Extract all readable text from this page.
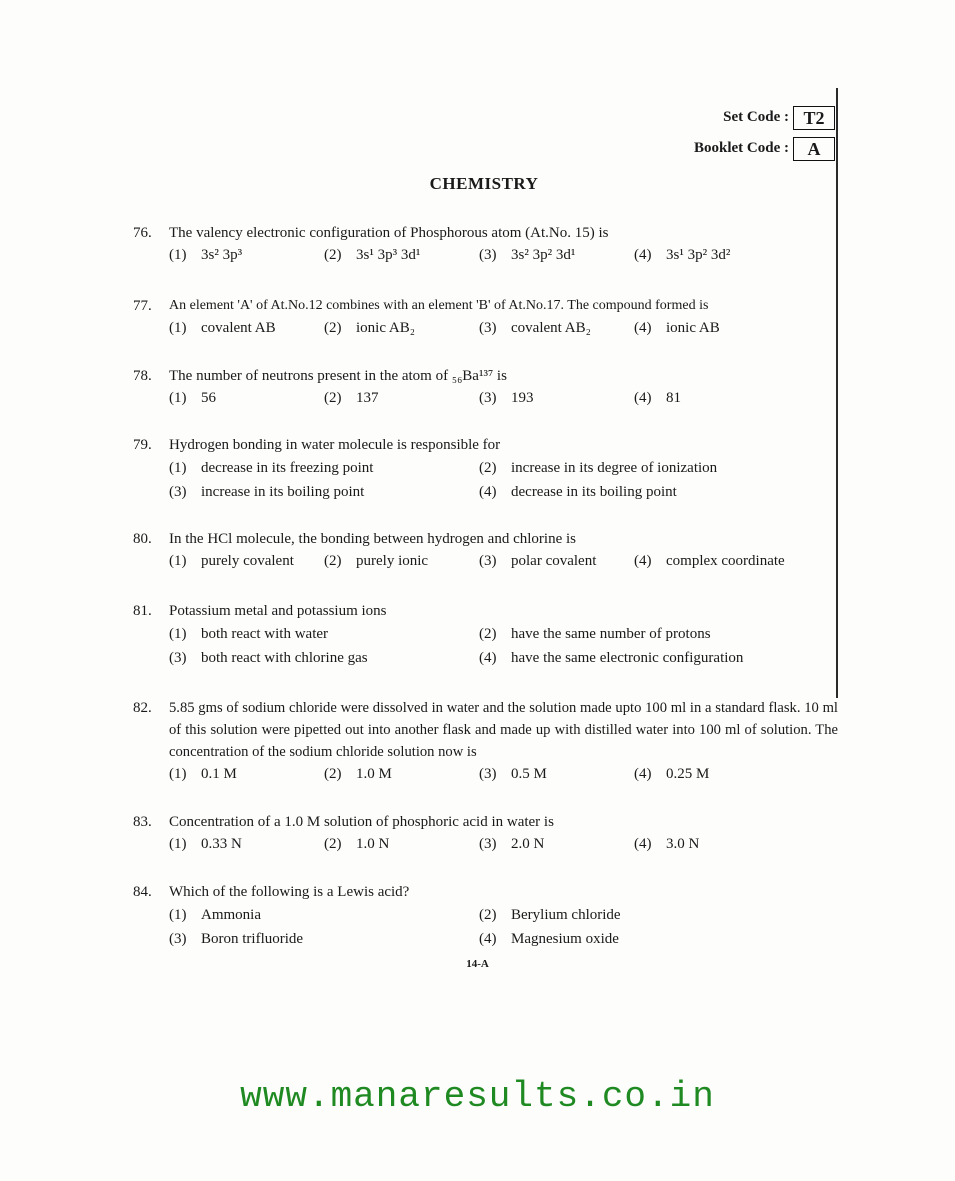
Set Code : T2
Booklet Code :	A
CHEMISTRY
76. The valency electronic configuration of Phosphorous atom (At.No. 15) is
(1) 3s² 3p³	(2) 3s¹ 3p³ 3d¹	(3) 3s² 3p² 3d¹	(4) 3s¹ 3p² 3d²
77. An element 'A' of At.No.12 combines with an element 'B' of At.No.17. The compound formed is
(1) covalent AB	(2) ionic AB₂	(3) covalent AB₂	(4) ionic AB
78. The number of neutrons present in the atom of ₅₆Ba¹³⁷ is
(1) 56	(2) 137	(3) 193	(4) 81
79. Hydrogen bonding in water molecule is responsible for
(1) decrease in its freezing point	(2) increase in its degree of ionization
(3) increase in its boiling point	(4) decrease in its boiling point
80. In the HCl molecule, the bonding between hydrogen and chlorine is
(1) purely covalent (2) purely ionic	(3) polar covalent	(4) complex coordinate
81. Potassium metal and potassium ions
(1) both react with water	(2) have the same number of protons
(3) both react with chlorine gas	(4) have the same electronic configuration
82. 5.85 gms of sodium chloride were dissolved in water and the solution made upto 100 ml in a standard flask. 10 ml of this solution were pipetted out into another flask and made up with distilled water into 100 ml of solution. The concentration of the sodium chloride solution now is
(1) 0.1 M	(2) 1.0 M	(3) 0.5 M	(4) 0.25 M
83. Concentration of a 1.0 M solution of phosphoric acid in water is
(1) 0.33 N	(2) 1.0 N	(3) 2.0 N	(4) 3.0 N
84. Which of the following is a Lewis acid?
(1) Ammonia	(2) Berylium chloride
(3) Boron trifluoride	(4) Magnesium oxide
14-A
www.manaresults.co.in
